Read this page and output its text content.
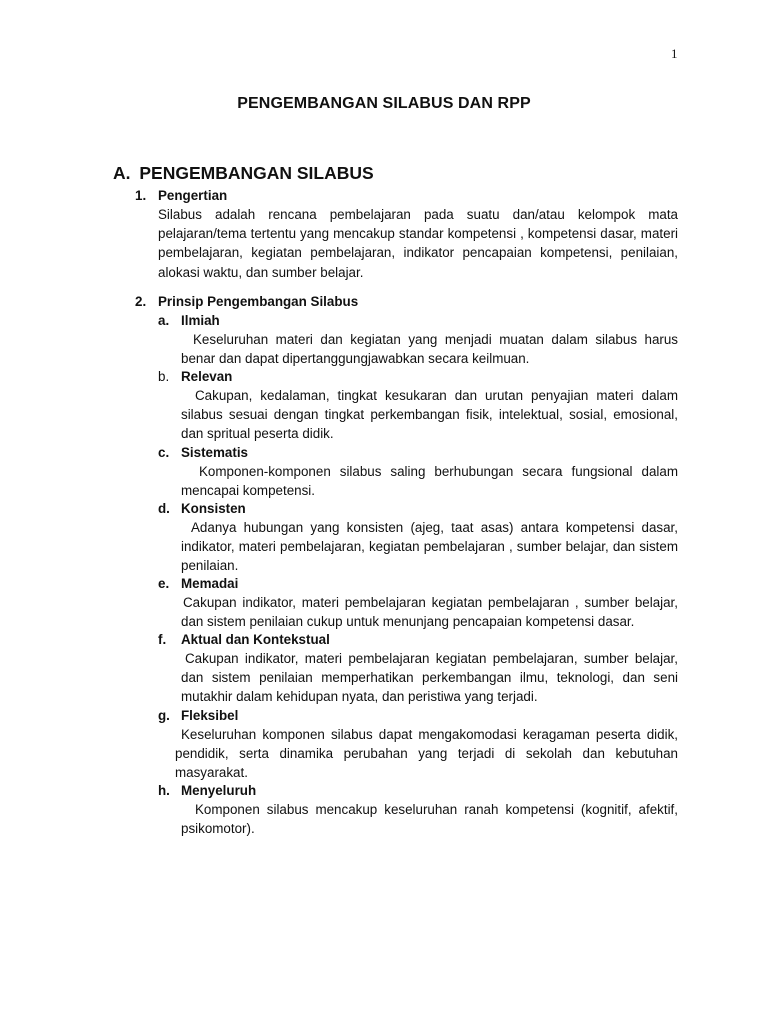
1
PENGEMBANGAN SILABUS DAN RPP
A. PENGEMBANGAN SILABUS
1. Pengertian
Silabus adalah rencana pembelajaran pada suatu dan/atau kelompok mata pelajaran/tema tertentu yang mencakup standar kompetensi , kompetensi dasar, materi pembelajaran, kegiatan pembelajaran, indikator pencapaian kompetensi, penilaian, alokasi waktu, dan sumber belajar.
2. Prinsip Pengembangan Silabus
a. Ilmiah
Keseluruhan materi dan kegiatan yang menjadi muatan dalam silabus harus benar dan dapat dipertanggungjawabkan secara keilmuan.
b. Relevan
Cakupan, kedalaman, tingkat kesukaran dan urutan penyajian materi dalam silabus sesuai dengan tingkat perkembangan fisik, intelektual, sosial, emosional, dan spritual peserta didik.
c. Sistematis
Komponen-komponen silabus saling berhubungan secara fungsional dalam mencapai kompetensi.
d. Konsisten
Adanya hubungan yang konsisten (ajeg, taat asas) antara kompetensi dasar, indikator, materi pembelajaran, kegiatan pembelajaran , sumber belajar, dan sistem penilaian.
e. Memadai
Cakupan indikator, materi pembelajaran kegiatan pembelajaran , sumber belajar, dan sistem penilaian cukup untuk menunjang pencapaian kompetensi dasar.
f. Aktual dan Kontekstual
Cakupan indikator, materi pembelajaran kegiatan pembelajaran, sumber belajar, dan sistem penilaian memperhatikan perkembangan ilmu, teknologi, dan seni mutakhir dalam kehidupan nyata, dan peristiwa yang terjadi.
g. Fleksibel
Keseluruhan komponen silabus dapat mengakomodasi keragaman peserta didik, pendidik, serta dinamika perubahan yang terjadi di sekolah dan kebutuhan masyarakat.
h. Menyeluruh
Komponen silabus mencakup keseluruhan ranah kompetensi (kognitif, afektif, psikomotor).
